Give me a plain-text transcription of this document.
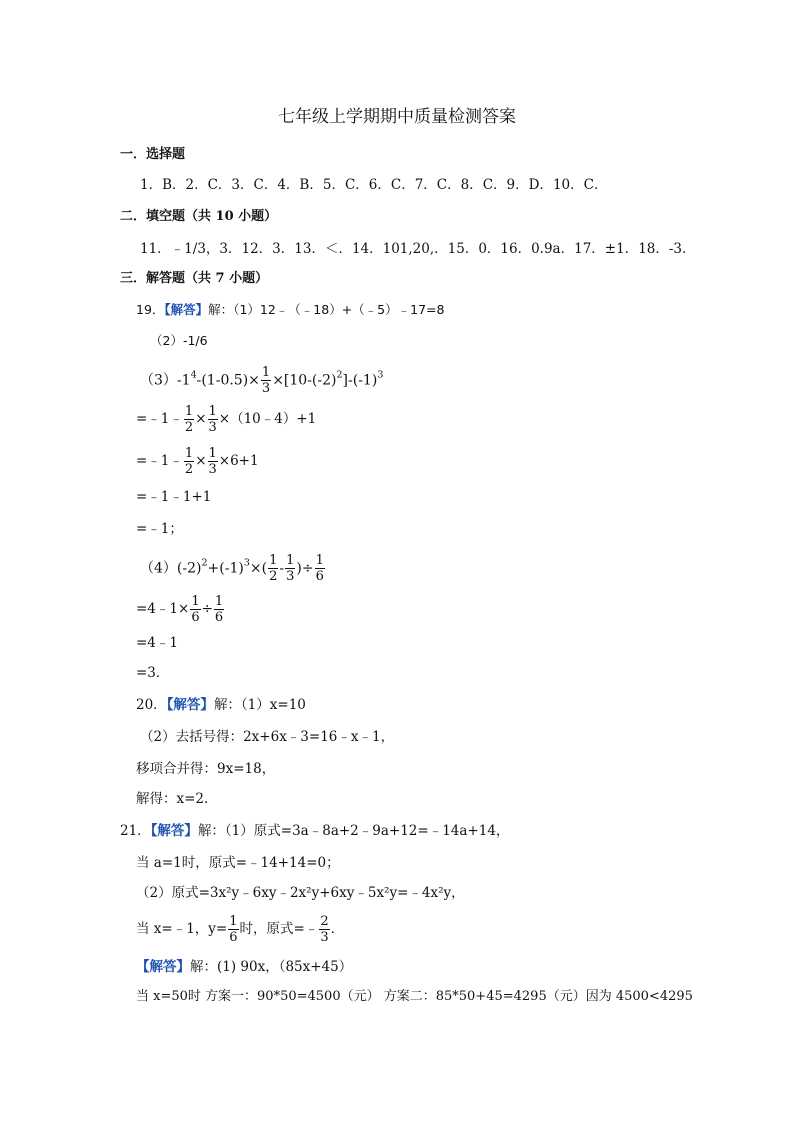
七年级上学期期中质量检测答案
一．选择题
1．B．2．C．3．C．4．B．5．C．6．C．7．C．8．C．9．D．10．C．
二．填空题（共 10 小题）
11．﹣1/3，3．12．3．13．＜．14．101,20,．15．0．16．0.9a．17．±1．18．-3．
三．解答题（共 7 小题）
19．【解答】解：（1）12﹣（﹣18）+（﹣5）﹣17=8
（2）-1/6
$(3)-1^4-(1-0.5)\times \frac{1}{3} \times[10-(-2)^2]-(-1)^3$
=﹣1﹣ $\frac{1}{2} \times \frac{1}{3}$ ×（10﹣4）+1
=﹣1﹣ $\frac{1}{2} \times \frac{1}{3} \times 6+1$
=﹣1﹣1+1
=﹣1；
$(4)(-2)^2+(-1)^3\times( \frac{1}{2} - \frac{1}{3}$ )÷ $\frac{1}{6}$
=4﹣1× $\frac{1}{6} \div \frac{1}{6}$
=4﹣1
=3．
20．【解答】解：（1）x=10
（2）去括号得：2x+6x﹣3=16﹣x﹣1，
移项合并得：9x=18，
解得：x=2．
21．【解答】解：（1）原式=3a﹣8a+2﹣9a+12=﹣14a+14，
当 a=1时，原式=﹣14+14=0；
（2）原式=3x²y﹣6xy﹣2x²y+6xy﹣5x²y=﹣4x²y，
当 x=﹣1，$y= \frac{1}{6}$ 时，原式=﹣ $\frac{2}{3}$ ．
【解答】解：(1) 90x，（85x+45）
当 x=50时 方案一：90*50=4500（元） 方案二：85*50+45=4295（元）因为 4500<4295
